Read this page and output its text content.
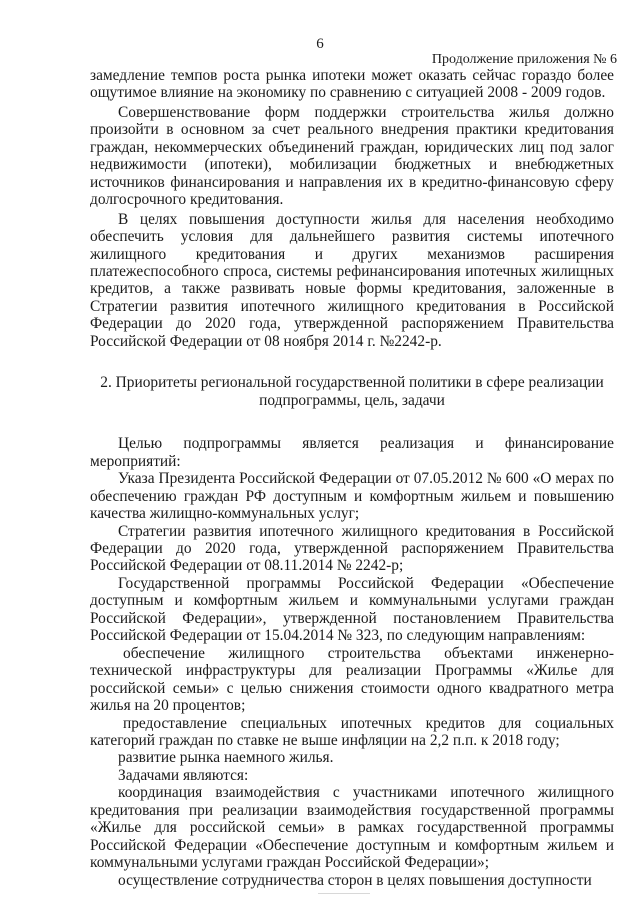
6
Продолжение приложения № 6

замедление темпов роста рынка ипотеки может оказать сейчас гораздо более ощутимое влияние на экономику по сравнению с ситуацией 2008 - 2009 годов.

Совершенствование форм поддержки строительства жилья должно произойти в основном за счет реального внедрения практики кредитования граждан, некоммерческих объединений граждан, юридических лиц под залог недвижимости (ипотеки), мобилизации бюджетных и внебюджетных источников финансирования и направления их в кредитно-финансовую сферу долгосрочного кредитования.

В целях повышения доступности жилья для населения необходимо обеспечить условия для дальнейшего развития системы ипотечного жилищного кредитования и других механизмов расширения платежеспособного спроса, системы рефинансирования ипотечных жилищных кредитов, а также развивать новые формы кредитования, заложенные в Стратегии развития ипотечного жилищного кредитования в Российской Федерации до 2020 года, утвержденной распоряжением Правительства Российской Федерации от 08 ноября 2014 г. №2242-р.

2. Приоритеты региональной государственной политики в сфере реализации подпрограммы, цель, задачи

Целью подпрограммы является реализация и финансирование мероприятий:

Указа Президента Российской Федерации от 07.05.2012 № 600 «О мерах по обеспечению граждан РФ доступным и комфортным жильем и повышению качества жилищно-коммунальных услуг;

Стратегии развития ипотечного жилищного кредитования в Российской Федерации до 2020 года, утвержденной распоряжением Правительства Российской Федерации от 08.11.2014 № 2242-р;

Государственной программы Российской Федерации «Обеспечение доступным и комфортным жильем и коммунальными услугами граждан Российской Федерации», утвержденной постановлением Правительства Российской Федерации от 15.04.2014 № 323, по следующим направлениям:

обеспечение жилищного строительства объектами инженерно-технической инфраструктуры для реализации Программы «Жилье для российской семьи» с целью снижения стоимости одного квадратного метра жилья на 20 процентов;

предоставление специальных ипотечных кредитов для социальных категорий граждан по ставке не выше инфляции на 2,2 п.п. к 2018 году;

развитие рынка наемного жилья.

Задачами являются:

координация взаимодействия с участниками ипотечного жилищного кредитования при реализации взаимодействия государственной программы «Жилье для российской семьи» в рамках государственной программы Российской Федерации «Обеспечение доступным и комфортным жильем и коммунальными услугами граждан Российской Федерации»;

осуществление сотрудничества сторон в целях повышения доступности
